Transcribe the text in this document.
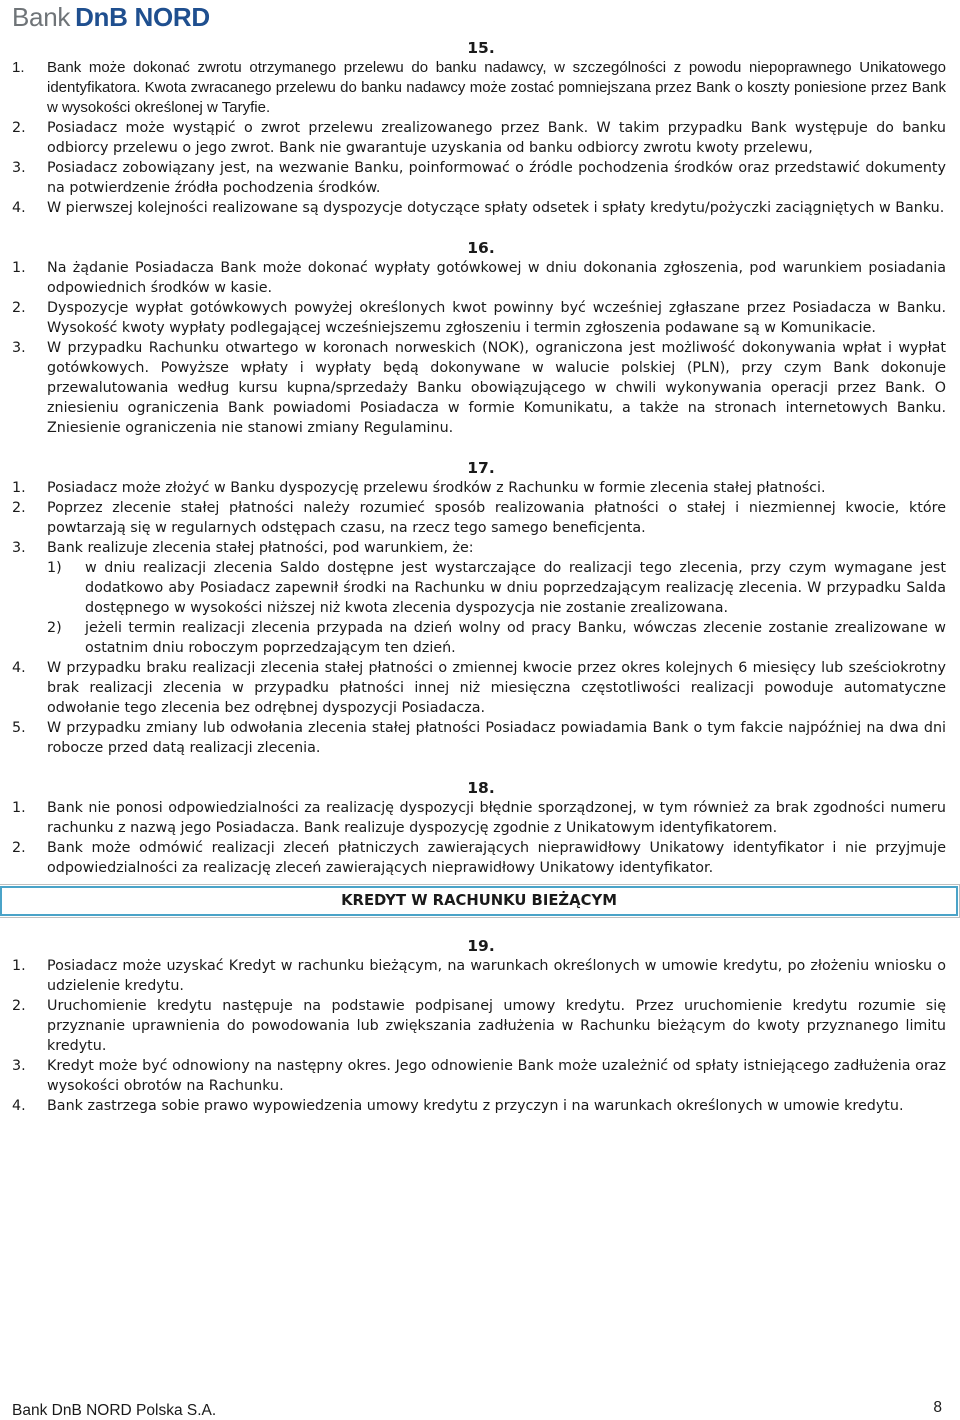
Bank DnB NORD

15.

1.	Bank może dokonać zwrotu otrzymanego przelewu do banku nadawcy, w szczególności z powodu niepoprawnego Unikatowego identyfikatora. Kwota zwracanego przelewu do banku nadawcy może zostać pomniejszana przez Bank o koszty poniesione przez Bank w wysokości określonej w Taryfie.
2.	Posiadacz może wystąpić o zwrot przelewu zrealizowanego przez Bank. W takim przypadku Bank występuje do banku odbiorcy przelewu o jego zwrot. Bank nie gwarantuje uzyskania od banku odbiorcy zwrotu kwoty przelewu,
3.	Posiadacz zobowiązany jest, na wezwanie Banku, poinformować o źródle pochodzenia środków oraz przedstawić dokumenty na potwierdzenie źródła pochodzenia środków.
4.	W pierwszej kolejności realizowane są dyspozycje dotyczące spłaty odsetek i spłaty kredytu/pożyczki zaciągniętych w Banku.

16.

1.	Na żądanie Posiadacza Bank może dokonać wypłaty gotówkowej w dniu dokonania zgłoszenia, pod warunkiem posiadania odpowiednich środków w kasie.
2.	Dyspozycje wypłat gotówkowych powyżej określonych kwot powinny być wcześniej zgłaszane przez Posiadacza w Banku. Wysokość kwoty wypłaty podlegającej wcześniejszemu zgłoszeniu i termin zgłoszenia podawane są w Komunikacie.
3.	W przypadku Rachunku otwartego w koronach norweskich (NOK), ograniczona jest możliwość dokonywania wpłat i wypłat gotówkowych. Powyższe wpłaty i wypłaty będą dokonywane w walucie polskiej (PLN), przy czym Bank dokonuje przewalutowania według kursu kupna/sprzedaży Banku obowiązującego w chwili wykonywania operacji przez Bank. O zniesieniu ograniczenia Bank powiadomi Posiadacza w formie Komunikatu, a także na stronach internetowych Banku. Zniesienie ograniczenia nie stanowi zmiany Regulaminu.

17.

1.	Posiadacz może złożyć w Banku dyspozycję przelewu środków z Rachunku w formie zlecenia stałej płatności.
2.	Poprzez zlecenie stałej płatności należy rozumieć sposób realizowania płatności o stałej i niezmiennej kwocie, które powtarzają się w regularnych odstępach czasu, na rzecz tego samego beneficjenta.
3.	Bank realizuje zlecenia stałej płatności, pod warunkiem, że:
1)	w dniu realizacji zlecenia Saldo dostępne jest wystarczające do realizacji tego zlecenia, przy czym wymagane jest dodatkowo aby Posiadacz zapewnił środki na Rachunku w dniu poprzedzającym realizację zlecenia. W przypadku Salda dostępnego w wysokości niższej niż kwota zlecenia dyspozycja nie zostanie zrealizowana.
2)	jeżeli termin realizacji zlecenia przypada na dzień wolny od pracy Banku, wówczas zlecenie zostanie zrealizowane w ostatnim dniu roboczym poprzedzającym ten dzień.
4.	W przypadku braku realizacji zlecenia stałej płatności o zmiennej kwocie przez okres kolejnych 6 miesięcy lub sześciokrotny brak realizacji zlecenia w przypadku płatności innej niż miesięczna częstotliwości realizacji powoduje automatyczne odwołanie tego zlecenia bez odrębnej dyspozycji Posiadacza.
5.	W przypadku zmiany lub odwołania zlecenia stałej płatności Posiadacz powiadamia Bank o tym fakcie najpóźniej na dwa dni robocze przed datą realizacji zlecenia.

18.

1.	Bank nie ponosi odpowiedzialności za realizację dyspozycji błędnie sporządzonej, w tym również za brak zgodności numeru rachunku z nazwą jego Posiadacza. Bank realizuje dyspozycję zgodnie z Unikatowym identyfikatorem.
2.	Bank może odmówić realizacji zleceń płatniczych zawierających nieprawidłowy Unikatowy identyfikator i nie przyjmuje odpowiedzialności za realizację zleceń zawierających nieprawidłowy Unikatowy identyfikator.
KREDYT W RACHUNKU BIEŻĄCYM

19.

1.	Posiadacz może uzyskać Kredyt w rachunku bieżącym, na warunkach określonych w umowie kredytu, po złożeniu wniosku o udzielenie kredytu.
2.	Uruchomienie kredytu następuje na podstawie podpisanej umowy kredytu. Przez uruchomienie kredytu rozumie się przyznanie uprawnienia do powodowania lub zwiększania zadłużenia w Rachunku bieżącym do kwoty przyznanego limitu kredytu.
3.	Kredyt może być odnowiony na następny okres. Jego odnowienie Bank może uzależnić od spłaty istniejącego zadłużenia oraz wysokości obrotów na Rachunku.
4.	Bank zastrzega sobie prawo wypowiedzenia umowy kredytu z przyczyn i na warunkach określonych w umowie kredytu.
Bank DnB NORD Polska S.A.	8
